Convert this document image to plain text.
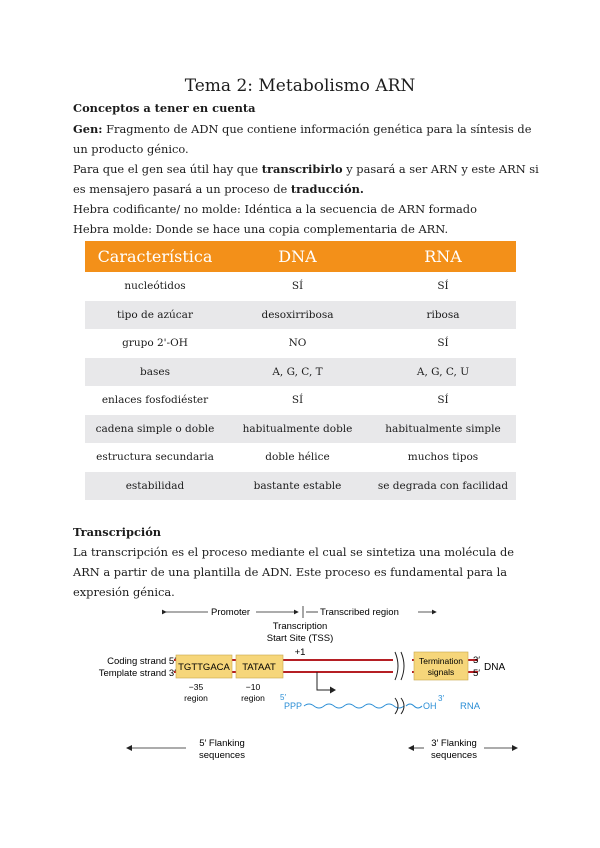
Tema 2: Metabolismo ARN
Conceptos a tener en cuenta
Gen: Fragmento de ADN que contiene información genética para la síntesis de
un producto génico.
Para que el gen sea útil hay que transcribirlo y pasará a ser ARN y este ARN si
es mensajero pasará a un proceso de traducción.
Hebra codificante/ no molde: Idéntica a la secuencia de ARN formado
Hebra molde: Donde se hace una copia complementaria de ARN.
Característica	DNA	RNA
nucleótidos	SÍ	SÍ
tipo de azúcar	desoxirribosa	ribosa
grupo 2'-OH	NO	SÍ
bases	A, G, C, T	A, G, C, U
enlaces fosfodiéster	SÍ	SÍ
cadena simple o doble	habitualmente doble	habitualmente simple
estructura secundaria	doble hélice	muchos tipos
estabilidad	bastante estable	se degrada con facilidad
Transcripción
La transcripción es el proceso mediante el cual se sintetiza una molécula de
ARN a partir de una plantilla de ADN. Este proceso es fundamental para la
expresión génica.
Promoter	Transcribed region
Transcription
Start Site (TSS)
+1
Coding strand 5′
Template strand 3′
TGTTGACA TATAAT
Termination
signals
3′
5′
DNA
−35
region
−10
region 5′
PPP	OH
3′
RNA
5′ Flanking
sequences
3′ Flanking
sequences
